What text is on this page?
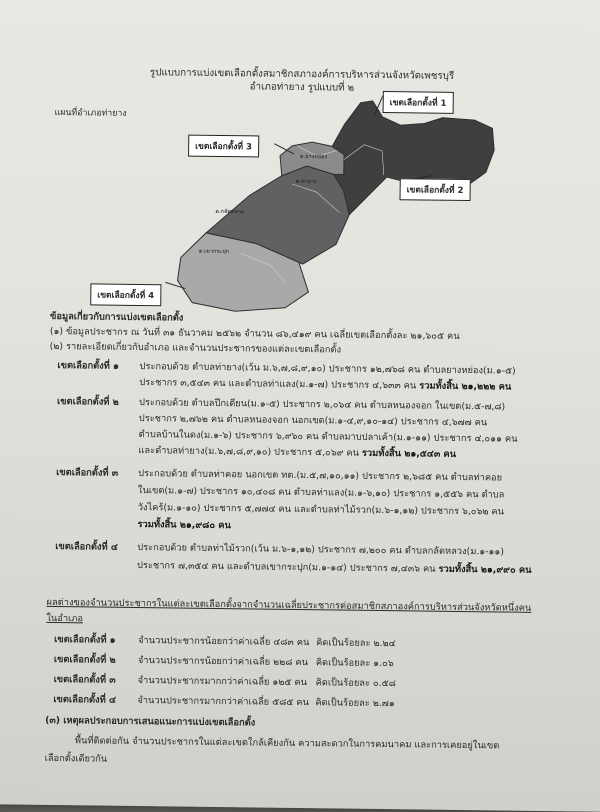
รูปแบบการแบ่งเขตเลือกตั้งสมาชิกสภาองค์การบริหารส่วนจังหวัดเพชรบุรี
อำเภอท่ายาง รูปแบบที่ ๒
แผนที่อำเภอท่ายาง
ต.ยางหย่อง
ต.ท่ายาง
ต.กลัดหลวง
ต.เขากระปุก
เขตเลือกตั้งที่ 1
เขตเลือกตั้งที่ 3
เขตเลือกตั้งที่ 2
เขตเลือกตั้งที่ 4
ข้อมูลเกี่ยวกับการแบ่งเขตเลือกตั้ง
(๑) ข้อมูลประชากร ณ วันที่ ๓๑ ธันวาคม ๒๕๖๒ จำนวน ๘๖,๔๑๙ คน เฉลี่ยเขตเลือกตั้งละ ๒๑,๖๐๕ คน
(๒) รายละเอียดเกี่ยวกับอำเภอ และจำนวนประชากรของแต่ละเขตเลือกตั้ง
เขตเลือกตั้งที่ ๑ ประกอบด้วย ตำบลท่ายาง(เว้น ม.๖,๗,๘,๙,๑๐) ประชากร ๑๒,๗๖๘ คน ตำบลยางหย่อง(ม.๑-๕)
ประชากร ๓,๕๔๓ คน และตำบลท่าแลง(ม.๑-๗) ประชากร ๔,๖๓๓ คน รวมทั้งสิ้น ๒๑,๒๒๒ คน
เขตเลือกตั้งที่ ๒ ประกอบด้วย ตำบลปึกเตียน(ม.๑-๕) ประชากร ๒,๐๖๔ คน ตำบลหนองจอก ในเขต(ม.๕-๗,๘)
ประชากร ๒,๗๖๒ คน ตำบลหนองจอก นอกเขต(ม.๑-๔,๙,๑๐-๑๔) ประชากร ๔,๖๗๗ คน
ตำบลบ้านในดง(ม.๑-๖) ประชากร ๖,๙๖๐ คน ตำบลมาบปลาเค้า(ม.๑-๑๑) ประชากร ๔,๐๑๑ คน
และตำบลท่ายาง(ม.๖,๗,๘,๙,๑๐) ประชากร ๕,๐๖๙ คน รวมทั้งสิ้น ๒๑,๕๔๓ คน
เขตเลือกตั้งที่ ๓ ประกอบด้วย ตำบลท่าคอย นอกเขต ทต.(ม.๕,๗,๑๐,๑๑) ประชากร ๒,๖๘๕ คน ตำบลท่าคอย
ในเขต(ม.๑-๗) ประชากร ๑๐,๔๐๘ คน ตำบลท่าแลง(ม.๑-๖,๑๐) ประชากร ๑,๕๕๖ คน ตำบล
วังไคร้(ม.๑-๑๐) ประชากร ๕,๗๗๔ คน และตำบลท่าไม้รวก(ม.๖-๑,๑๒) ประชากร ๖,๐๖๒ คน
รวมทั้งสิ้น ๒๑,๙๘๐ คน
เขตเลือกตั้งที่ ๔ ประกอบด้วย ตำบลท่าไม้รวก(เว้น ม.๖-๑,๑๒) ประชากร ๗,๒๐๐ คน ตำบลกลัดหลวง(ม.๑-๑๑)
ประชากร ๗,๓๕๔ คน และตำบลเขากระปุก(ม.๑-๑๔) ประชากร ๗,๔๓๖ คน รวมทั้งสิ้น ๒๑,๙๙๐ คน
ผลต่างของจำนวนประชากรในแต่ละเขตเลือกตั้งจากจำนวนเฉลี่ยประชากรต่อสมาชิกสภาองค์การบริหารส่วนจังหวัดหนึ่งคน
ในอำเภอ
เขตเลือกตั้งที่ ๑ จำนวนประชากรน้อยกว่าค่าเฉลี่ย ๔๘๓ คน คิดเป็นร้อยละ ๒.๒๔
เขตเลือกตั้งที่ ๒ จำนวนประชากรน้อยกว่าค่าเฉลี่ย ๒๒๘ คน คิดเป็นร้อยละ ๑.๐๖
เขตเลือกตั้งที่ ๓ จำนวนประชากรมากกว่าค่าเฉลี่ย ๑๒๕ คน คิดเป็นร้อยละ ๐.๕๘
เขตเลือกตั้งที่ ๔ จำนวนประชากรมากกว่าค่าเฉลี่ย ๕๘๕ คน คิดเป็นร้อยละ ๒.๗๑
(๓) เหตุผลประกอบการเสนอแนะการแบ่งเขตเลือกตั้ง
พื้นที่ติดต่อกัน จำนวนประชากรในแต่ละเขตใกล้เคียงกัน ความสะดวกในการคมนาคม และการเคยอยู่ในเขต
เลือกตั้งเดียวกัน
